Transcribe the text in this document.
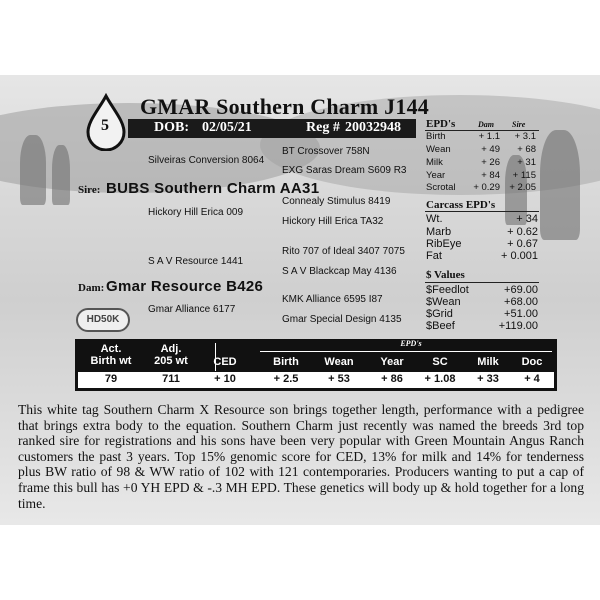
5
GMAR Southern Charm J144
DOB: 02/05/21	Reg # 20032948
BT Crossover 758N
Silveiras Conversion 8064
EXG Saras Dream S609 R3
Sire: BUBS Southern Charm AA31
Connealy Stimulus 8419
Hickory Hill Erica 009
Hickory Hill Erica TA32
Rito 707 of Ideal 3407 7075
S A V Resource 1441
S A V Blackcap May 4136
Dam: Gmar Resource B426
KMK Alliance 6595 I87
Gmar Alliance 6177
Gmar Special Design 4135
HD50K
EPD's	Dam Sire
Birth	+ 1.1	+ 3.1
Wean	+ 49	+ 68
Milk	+ 26	+ 31
Year	+ 84	+ 115
Scrotal	+ 0.29 + 2.05
Carcass EPD's
Wt.	+ 34
Marb	+ 0.62
RibEye	+ 0.67
Fat	+ 0.001
$ Values
$Feedlot	+69.00
$Wean	+68.00
$Grid	+51.00
$Beef	+119.00
EPD's
Act.
Birth wt
Adj.
205 wt	CED	Birth	Wean	Year	SC	Milk	Doc
79	711	+ 10	+ 2.5	+ 53	+ 86	+ 1.08	+ 33	+ 4
This white tag Southern Charm X Resource son brings together length, performance with a pedigree that brings extra body to the equation. Southern Charm just recently was named the breeds 3rd top ranked sire for registrations and his sons have been very popular with Green Mountain Angus Ranch customers the past 3 years. Top 15% genomic score for CED, 13% for milk and 14% for tenderness plus BW ratio of 98 & WW ratio of 102 with 121 contemporaries. Producers wanting to put a cap of frame this bull has +0 YH EPD & -.3 MH EPD. These genetics will body up & hold together for a long time.
